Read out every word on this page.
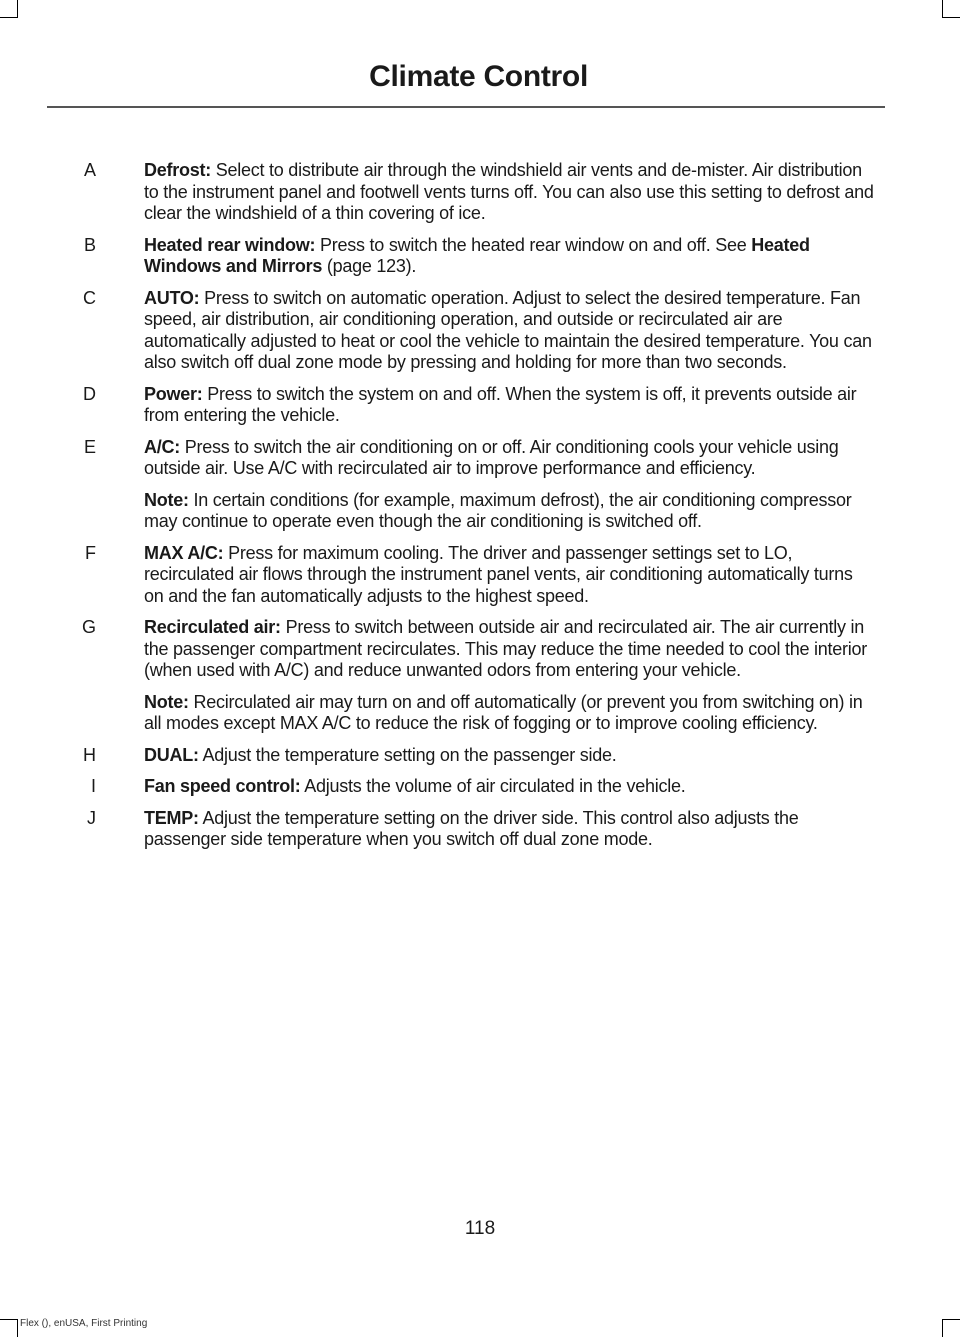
Climate Control
A	Defrost: Select to distribute air through the windshield air vents and de-mister. Air distribution to the instrument panel and footwell vents turns off. You can also use this setting to defrost and clear the windshield of a thin covering of ice.

B	Heated rear window: Press to switch the heated rear window on and off. See Heated Windows and Mirrors (page 123).

C	AUTO: Press to switch on automatic operation. Adjust to select the desired temperature. Fan speed, air distribution, air conditioning operation, and outside or recirculated air are automatically adjusted to heat or cool the vehicle to maintain the desired temperature. You can also switch off dual zone mode by pressing and holding for more than two seconds.

D	Power: Press to switch the system on and off. When the system is off, it prevents outside air from entering the vehicle.

E	A/C: Press to switch the air conditioning on or off. Air conditioning cools your vehicle using outside air. Use A/C with recirculated air to improve performance and efficiency.

Note: In certain conditions (for example, maximum defrost), the air conditioning compressor may continue to operate even though the air conditioning is switched off.

F	MAX A/C: Press for maximum cooling. The driver and passenger settings set to LO, recirculated air flows through the instrument panel vents, air conditioning automatically turns on and the fan automatically adjusts to the highest speed.

G	Recirculated air: Press to switch between outside air and recirculated air. The air currently in the passenger compartment recirculates. This may reduce the time needed to cool the interior (when used with A/C) and reduce unwanted odors from entering your vehicle.

Note: Recirculated air may turn on and off automatically (or prevent you from switching on) in all modes except MAX A/C to reduce the risk of fogging or to improve cooling efficiency.

H	DUAL: Adjust the temperature setting on the passenger side.

I	Fan speed control: Adjusts the volume of air circulated in the vehicle.

J	TEMP: Adjust the temperature setting on the driver side. This control also adjusts the passenger side temperature when you switch off dual zone mode.

118
Flex (), enUSA, First Printing
